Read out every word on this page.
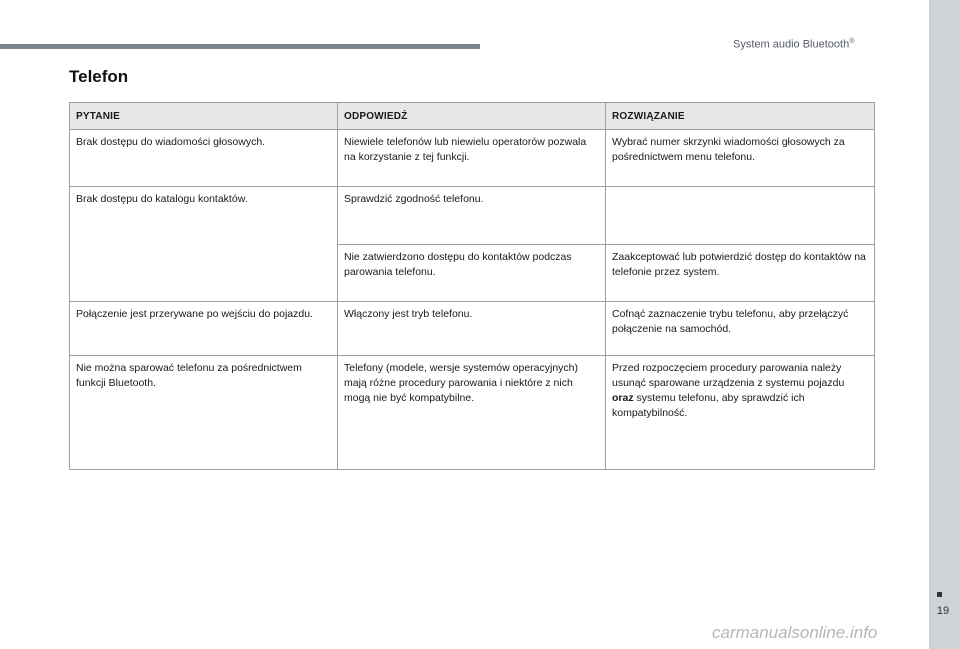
System audio Bluetooth®
Telefon
PYTANIE	ODPOWIEDŹ	ROZWIĄZANIE
Brak dostępu do wiadomości głosowych.	Niewiele telefonów lub niewielu operatorów pozwala na korzystanie z tej funkcji.	Wybrać numer skrzynki wiadomości głosowych za pośrednictwem menu telefonu.
Brak dostępu do katalogu kontaktów.	Sprawdzić zgodność telefonu.	
	Nie zatwierdzono dostępu do kontaktów podczas parowania telefonu.	Zaakceptować lub potwierdzić dostęp do kontaktów na telefonie przez system.
Połączenie jest przerywane po wejściu do pojazdu.	Włączony jest tryb telefonu.	Cofnąć zaznaczenie trybu telefonu, aby przełączyć połączenie na samochód.
Nie można sparować telefonu za pośrednictwem funkcji Bluetooth.	Telefony (modele, wersje systemów operacyjnych) mają różne procedury parowania i niektóre z nich mogą nie być kompatybilne.	Przed rozpoczęciem procedury parowania należy usunąć sparowane urządzenia z systemu pojazdu oraz systemu telefonu, aby sprawdzić ich kompatybilność.
19
carmanualsonline.info
